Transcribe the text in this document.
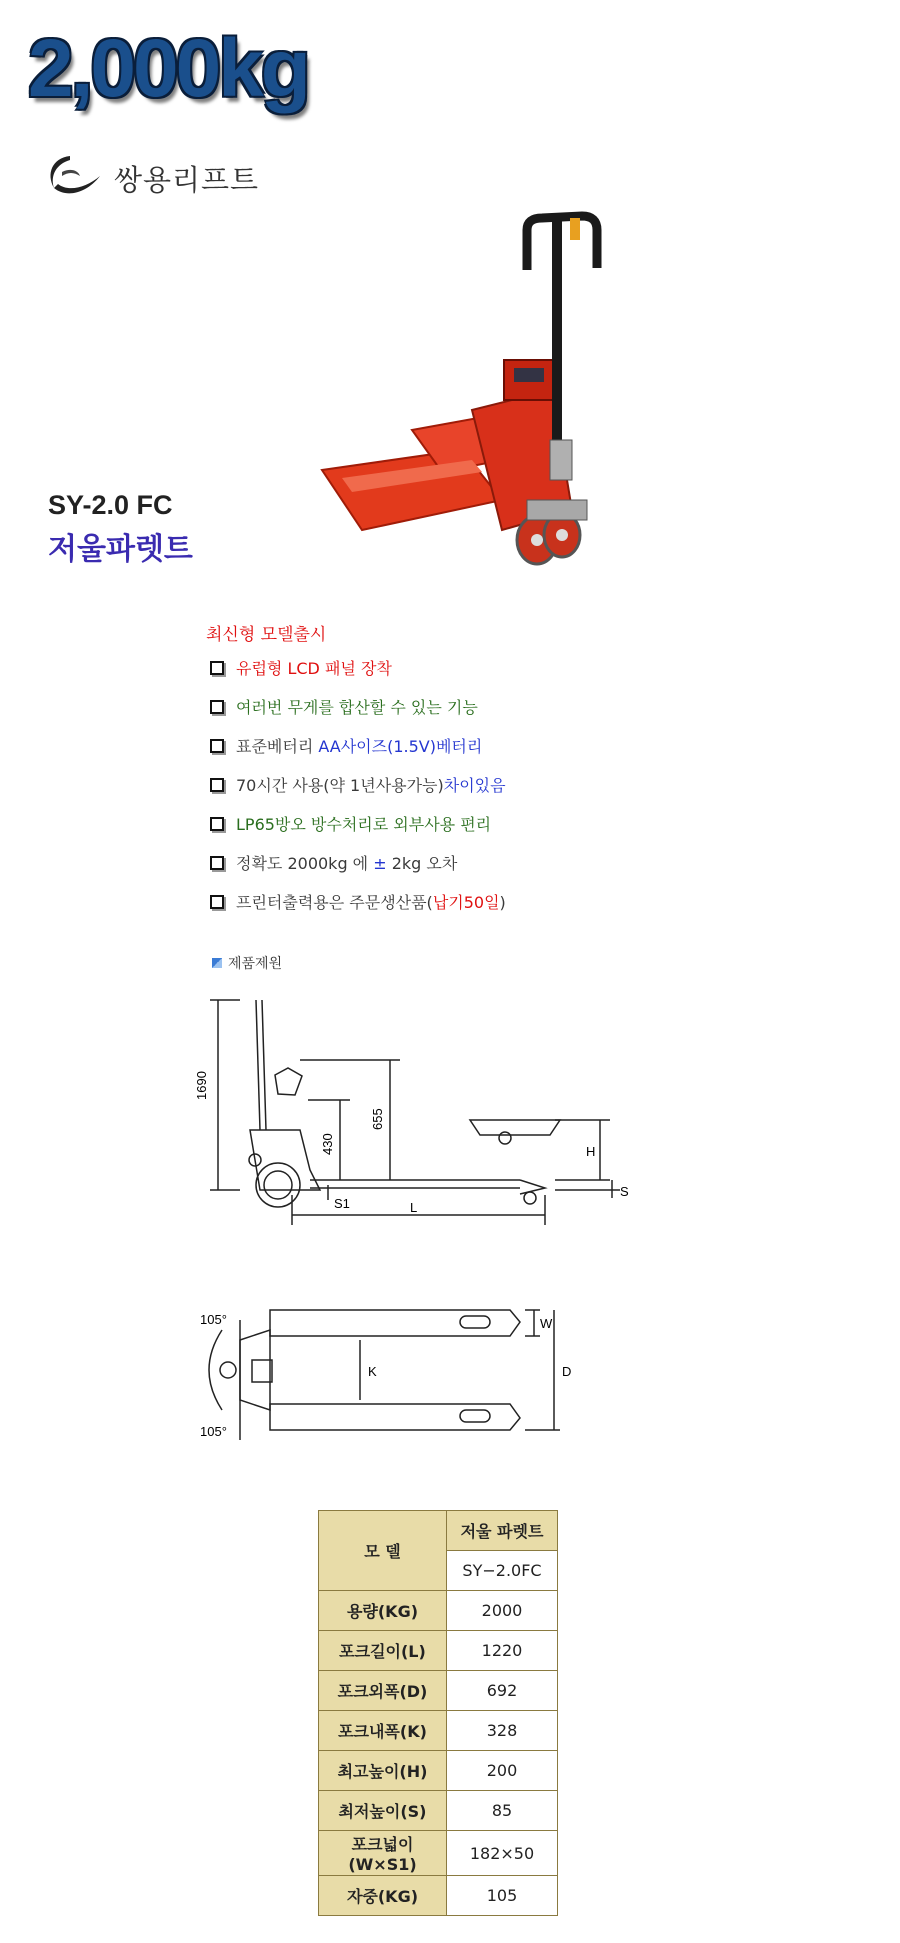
2,000kg
쌍용리프트
SY-2.0 FC
저울파렛트
최신형 모델출시
유럽형 LCD 패널 장착
여러번 무게를 합산할 수 있는 기능
표준베터리 AA사이즈(1.5V)베터리
70시간 사용(약 1년사용가능)차이있음
LP65방오 방수처리로 외부사용 편리
정확도 2000kg 에 ± 2kg 오차
프린터출력용은 주문생산품(납기50일)
제품제원
1690
430
655
H
S
S1	L
105°
105°
W
K	D
모 델	저울 파렛트
	SY−2.0FC
용량(KG)	2000
포크길이(L)	1220
포크외폭(D)	692
포크내폭(K)	328
최고높이(H)	200
최저높이(S)	85
포크넓이(W×S1)	182×50
자중(KG)	105
